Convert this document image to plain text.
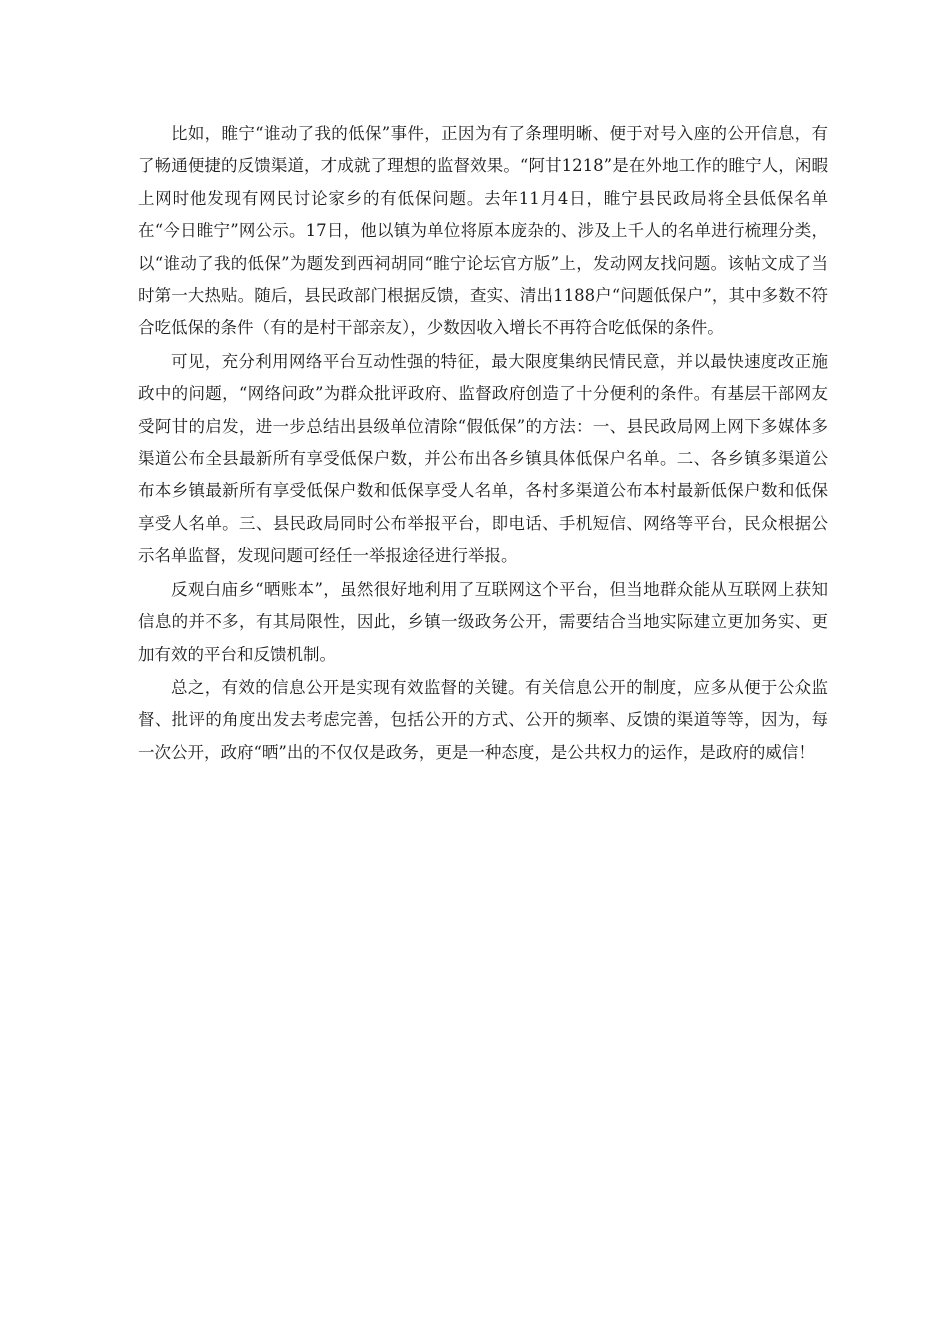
比如，睢宁“谁动了我的低保”事件，正因为有了条理明晰、便于对号入座的公开信息，有了畅通便捷的反馈渠道，才成就了理想的监督效果。“阿甘1218”是在外地工作的睢宁人，闲暇上网时他发现有网民讨论家乡的有低保问题。去年11月4日，睢宁县民政局将全县低保名单在“今日睢宁”网公示。17日，他以镇为单位将原本庞杂的、涉及上千人的名单进行梳理分类，以“谁动了我的低保”为题发到西祠胡同“睢宁论坛官方版”上，发动网友找问题。该帖文成了当时第一大热贴。随后，县民政部门根据反馈，查实、清出1188户“问题低保户”，其中多数不符合吃低保的条件（有的是村干部亲友），少数因收入增长不再符合吃低保的条件。

可见，充分利用网络平台互动性强的特征，最大限度集纳民情民意，并以最快速度改正施政中的问题，“网络问政”为群众批评政府、监督政府创造了十分便利的条件。有基层干部网友受阿甘的启发，进一步总结出县级单位清除“假低保”的方法：一、县民政局网上网下多媒体多渠道公布全县最新所有享受低保户数，并公布出各乡镇具体低保户名单。二、各乡镇多渠道公布本乡镇最新所有享受低保户数和低保享受人名单，各村多渠道公布本村最新低保户数和低保享受人名单。三、县民政局同时公布举报平台，即电话、手机短信、网络等平台，民众根据公示名单监督，发现问题可经任一举报途径进行举报。

反观白庙乡“晒账本”，虽然很好地利用了互联网这个平台，但当地群众能从互联网上获知信息的并不多，有其局限性，因此，乡镇一级政务公开，需要结合当地实际建立更加务实、更加有效的平台和反馈机制。

总之，有效的信息公开是实现有效监督的关键。有关信息公开的制度，应多从便于公众监督、批评的角度出发去考虑完善，包括公开的方式、公开的频率、反馈的渠道等等，因为，每一次公开，政府“晒”出的不仅仅是政务，更是一种态度，是公共权力的运作，是政府的威信！
